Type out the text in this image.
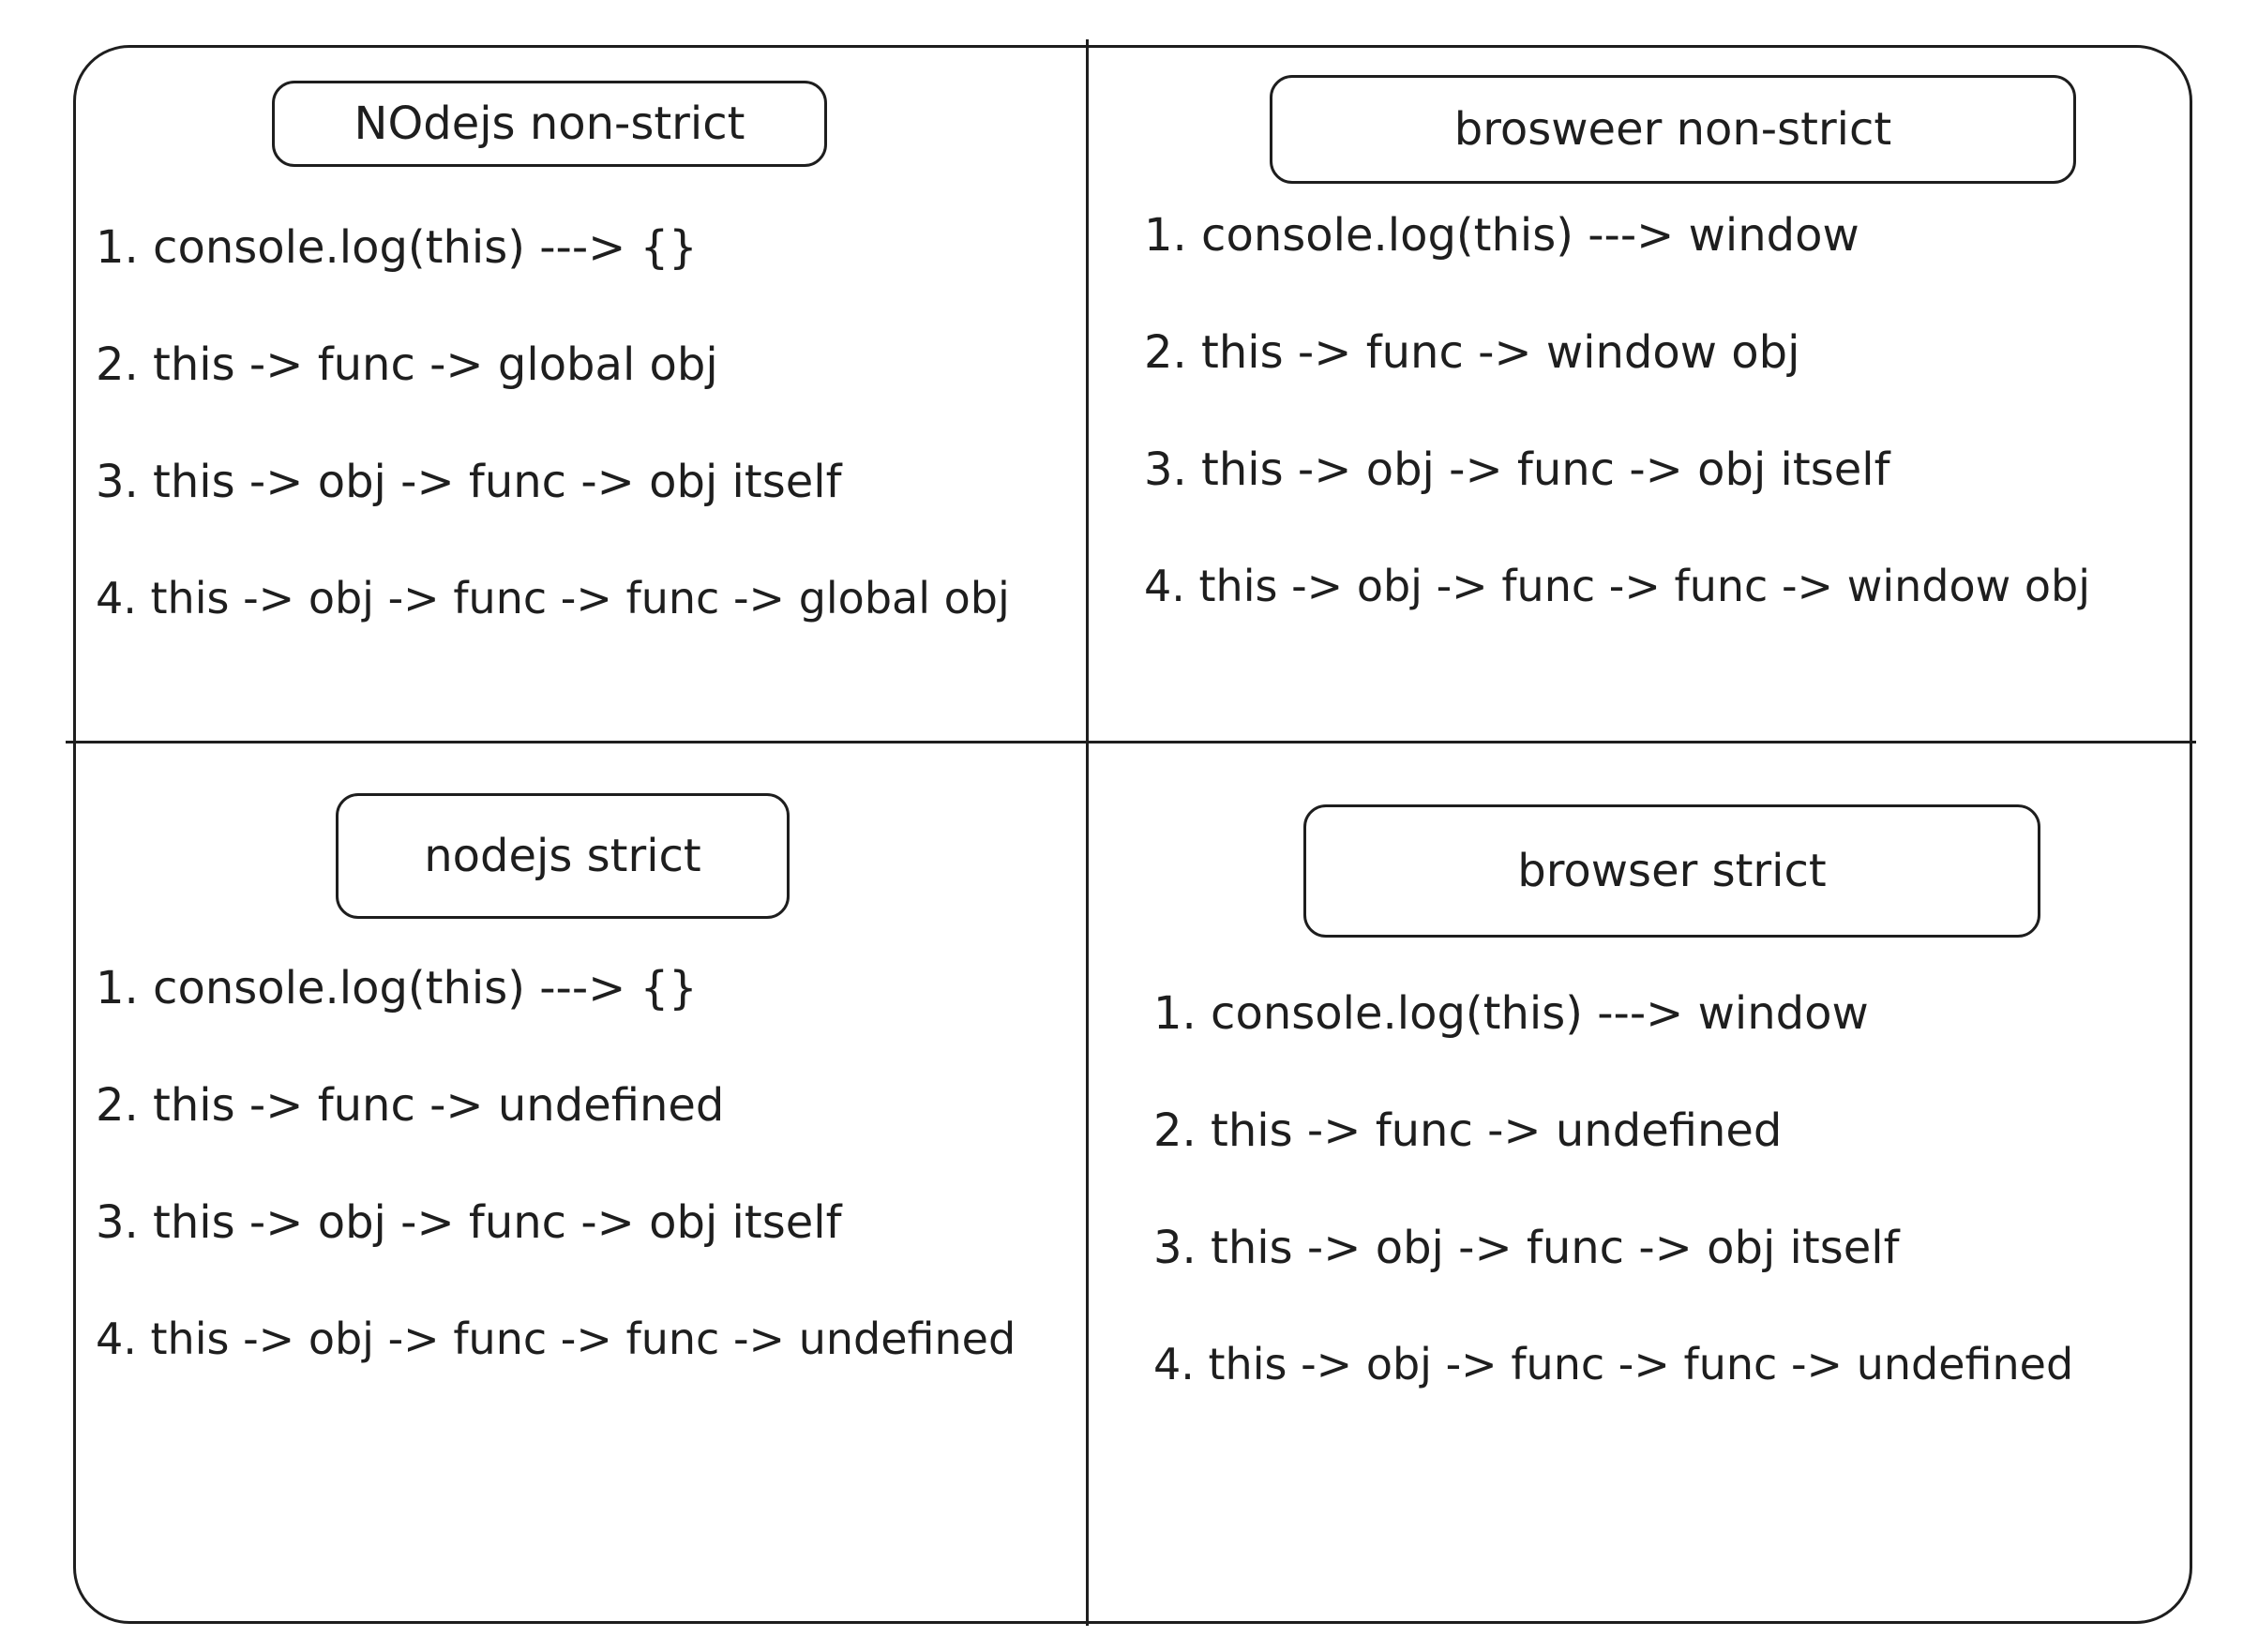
NOdejs non-strict
1. console.log(this) ---> {}
2. this -> func -> global obj
3. this -> obj -> func -> obj itself
4. this -> obj -> func -> func -> global obj
brosweer non-strict
1. console.log(this) ---> window
2. this -> func -> window obj
3. this -> obj -> func -> obj itself
4. this -> obj -> func -> func -> window obj
nodejs strict
1. console.log(this) ---> {}
2. this -> func -> undefined
3. this -> obj -> func -> obj itself
4. this -> obj -> func -> func -> undefined
browser strict
1. console.log(this) ---> window
2. this -> func -> undefined
3. this -> obj -> func -> obj itself
4. this -> obj -> func -> func -> undefined
